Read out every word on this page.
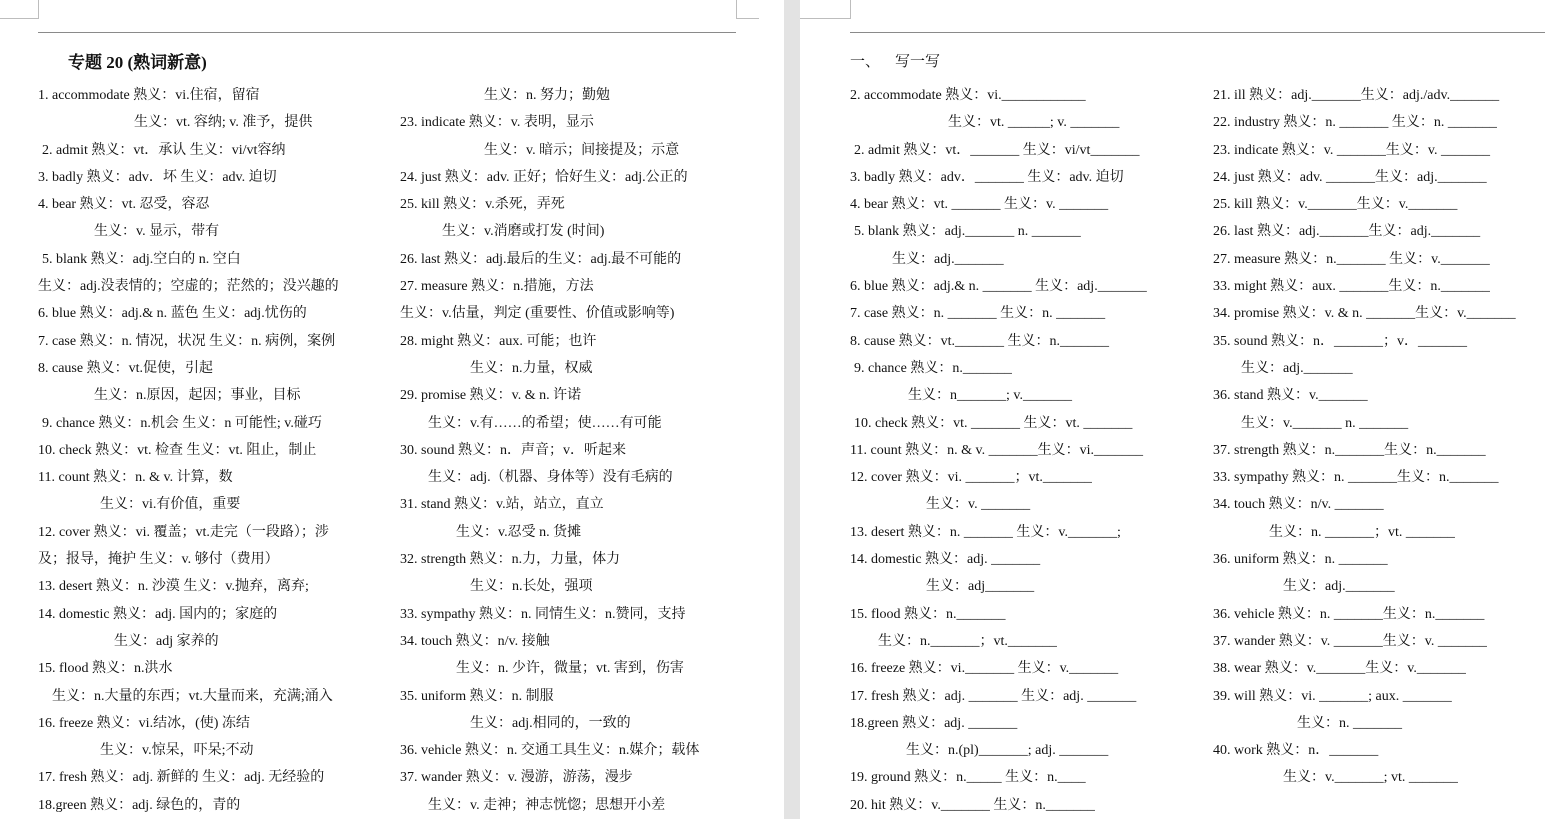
专题 20 (熟词新意)
1. accommodate 熟义：vi.住宿，留宿
生义：vt. 容纳; v. 准予，提供
2. admit 熟义：vt．承认 生义：vi/vt容纳
3. badly 熟义：adv．坏 生义：adv. 迫切
4. bear 熟义：vt. 忍受，容忍
生义：v. 显示，带有
5. blank 熟义：adj.空白的 n. 空白
生义：adj.没表情的；空虚的；茫然的；没兴趣的
6. blue 熟义：adj.& n. 蓝色 生义：adj.忧伤的
7. case 熟义：n. 情况，状况 生义：n. 病例，案例
8. cause 熟义：vt.促使，引起
生义：n.原因，起因；事业，目标
9. chance 熟义：n.机会 生义：n 可能性; v.碰巧
10. check 熟义：vt. 检查 生义：vt. 阻止，制止
11. count 熟义：n. & v. 计算，数
生义：vi.有价值，重要
12. cover 熟义：vi. 覆盖；vt.走完（一段路）；涉
及；报导，掩护 生义：v. 够付（费用）
13. desert 熟义：n. 沙漠 生义：v.抛弃，离弃;
14. domestic 熟义：adj. 国内的；家庭的
生义：adj 家养的
15. flood 熟义：n.洪水
生义：n.大量的东西；vt.大量而来，充满;涌入
16. freeze 熟义：vi.结冰，(使) 冻结
生义：v.惊呆，吓呆;不动
17. fresh 熟义：adj. 新鲜的 生义：adj. 无经验的
18.green 熟义：adj. 绿色的，青的
生义：n. 努力；勤勉
23. indicate 熟义：v. 表明，显示
生义：v. 暗示；间接提及；示意
24. just 熟义：adv. 正好；恰好生义：adj.公正的
25. kill 熟义：v.杀死，弄死
生义：v.消磨或打发 (时间)
26. last 熟义：adj.最后的生义：adj.最不可能的
27. measure 熟义：n.措施，方法
生义：v.估量，判定 (重要性、价值或影响等)
28. might 熟义：aux. 可能；也许
生义：n.力量，权威
29. promise 熟义：v. & n. 许诺
生义：v.有……的希望；使……有可能
30. sound 熟义：n．声音；v．听起来
生义：adj.（机器、身体等）没有毛病的
31. stand 熟义：v.站，站立，直立
生义：v.忍受 n. 货摊
32. strength 熟义：n.力，力量，体力
生义：n.长处，强项
33. sympathy 熟义：n. 同情生义：n.赞同，支持
34. touch 熟义：n/v. 接触
生义：n. 少许，微量；vt. 害到，伤害
35. uniform 熟义：n. 制服
生义：adj.相同的，一致的
36. vehicle 熟义：n. 交通工具生义：n.媒介；载体
37. wander 熟义：v. 漫游，游荡，漫步
生义：v. 走神；神志恍惚；思想开小差
一、    写一写
2. accommodate 熟义：vi.____________
生义：vt. ______; v. _______
2. admit 熟义：vt．_______ 生义：vi/vt_______
3. badly 熟义：adv．_______ 生义：adv. 迫切
4. bear 熟义：vt. _______ 生义：v. _______
5. blank 熟义：adj._______ n. _______
生义：adj._______
6. blue 熟义：adj.& n. _______ 生义：adj._______
7. case 熟义：n. _______ 生义：n. _______
8. cause 熟义：vt._______ 生义：n._______
9. chance 熟义：n._______
生义：n_______; v._______
10. check 熟义：vt. _______ 生义：vt. _______
11. count 熟义：n. & v. _______生义：vi._______
12. cover 熟义：vi. _______；vt._______
生义：v. _______
13. desert 熟义：n. _______ 生义：v._______;
14. domestic 熟义：adj. _______
生义：adj_______
15. flood 熟义：n._______
生义：n._______；vt._______
16. freeze 熟义：vi._______ 生义：v._______
17. fresh 熟义：adj. _______ 生义：adj. _______
18.green 熟义：adj. _______
生义：n.(pl)_______; adj. _______
19. ground 熟义：n._____ 生义：n.____
20. hit 熟义：v._______ 生义：n._______
21. ill 熟义：adj._______生义：adj./adv._______
22. industry 熟义：n. _______ 生义：n. _______
23. indicate 熟义：v. _______生义：v. _______
24. just 熟义：adv. _______生义：adj._______
25. kill 熟义：v._______生义：v._______
26. last 熟义：adj._______生义：adj._______
27. measure 熟义：n._______ 生义：v._______
33. might 熟义：aux. _______生义：n._______
34. promise 熟义：v. & n. _______生义：v._______
35. sound 熟义：n．_______；v．_______
生义：adj._______
36. stand 熟义：v._______
生义：v._______ n. _______
37. strength 熟义：n._______生义：n._______
33. sympathy 熟义：n. _______生义：n._______
34. touch 熟义：n/v. _______
生义：n. _______；vt. _______
36. uniform 熟义：n. _______
生义：adj._______
36. vehicle 熟义：n. _______生义：n._______
37. wander 熟义：v. _______生义：v. _______
38. wear 熟义：v._______生义：v._______
39. will 熟义：vi. _______; aux. _______
生义：n. _______
40. work 熟义：n．_______
生义：v._______; vt. _______
